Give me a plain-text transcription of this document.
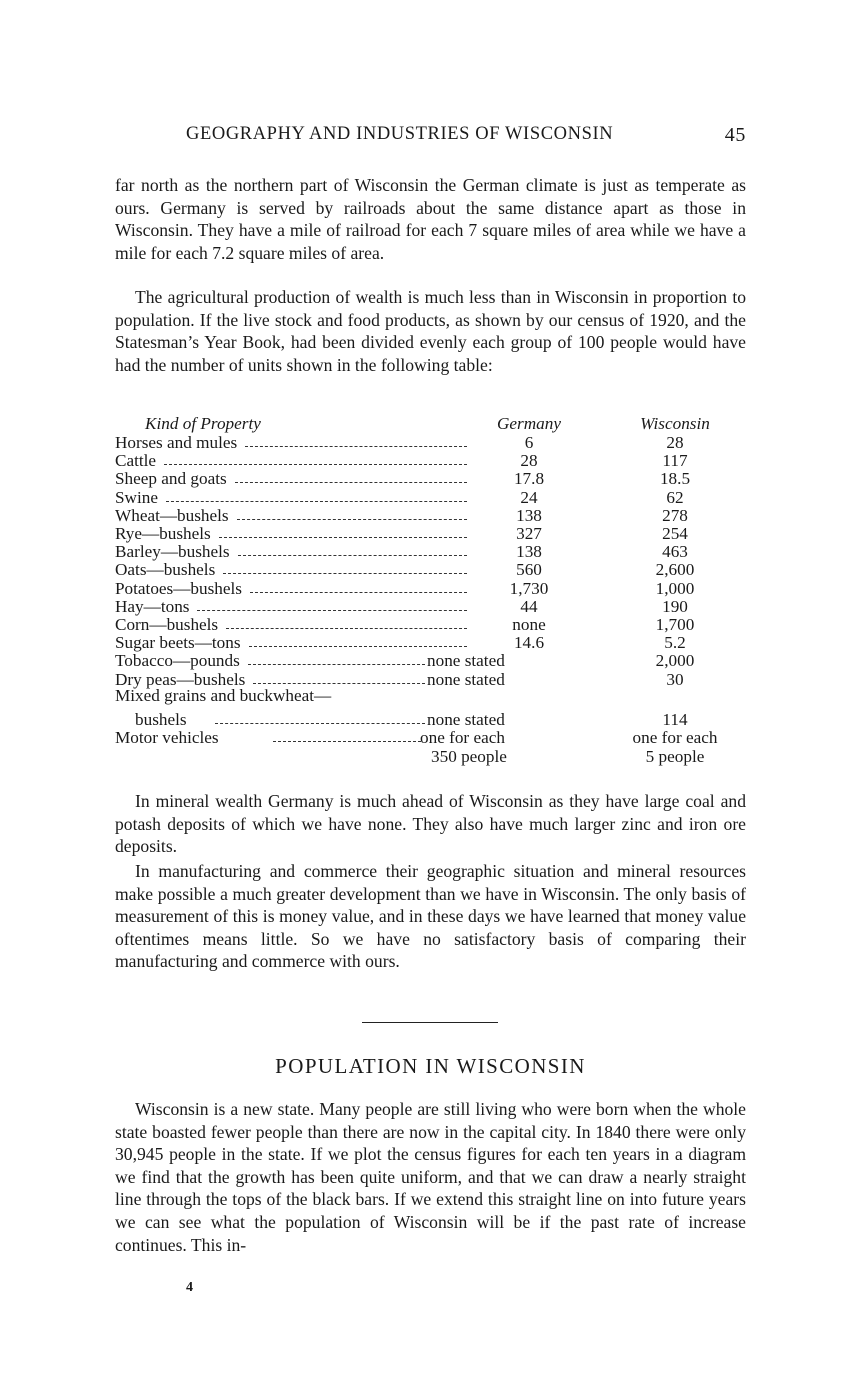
GEOGRAPHY AND INDUSTRIES OF WISCONSIN	45

far north as the northern part of Wisconsin the German climate is just as temperate as ours. Germany is served by railroads about the same distance apart as those in Wisconsin. They have a mile of railroad for each 7 square miles of area while we have a mile for each 7.2 square miles of area.

The agricultural production of wealth is much less than in Wisconsin in proportion to population. If the live stock and food products, as shown by our census of 1920, and the Statesman’s Year Book, had been divided evenly each group of 100 people would have had the number of units shown in the following table:

Kind of Property	Germany	Wisconsin
Horses and mules	6	28
Cattle	28	117
Sheep and goats	17.8	18.5
Swine	24	62
Wheat—bushels	138	278
Rye—bushels	327	254
Barley—bushels	138	463
Oats—bushels	560	2,600
Potatoes—bushels	1,730	1,000
Hay—tons	44	190
Corn—bushels	none	1,700
Sugar beets—tons	14.6	5.2
Tobacco—pounds	none stated	2,000
Dry peas—bushels	none stated	30
Mixed grains and buckwheat—
bushels	none stated	114
Motor vehicles	one for each	one for each
350 people	5 people

In mineral wealth Germany is much ahead of Wisconsin as they have large coal and potash deposits of which we have none. They also have much larger zinc and iron ore deposits.

In manufacturing and commerce their geographic situation and mineral resources make possible a much greater development than we have in Wisconsin. The only basis of measurement of this is money value, and in these days we have learned that money value oftentimes means little. So we have no satisfactory basis of comparing their manufacturing and commerce with ours.

POPULATION IN WISCONSIN

Wisconsin is a new state. Many people are still living who were born when the whole state boasted fewer people than there are now in the capital city. In 1840 there were only 30,945 people in the state. If we plot the census figures for each ten years in a diagram we find that the growth has been quite uniform, and that we can draw a nearly straight line through the tops of the black bars. If we extend this straight line on into future years we can see what the population of Wisconsin will be if the past rate of increase continues. This in-

4
